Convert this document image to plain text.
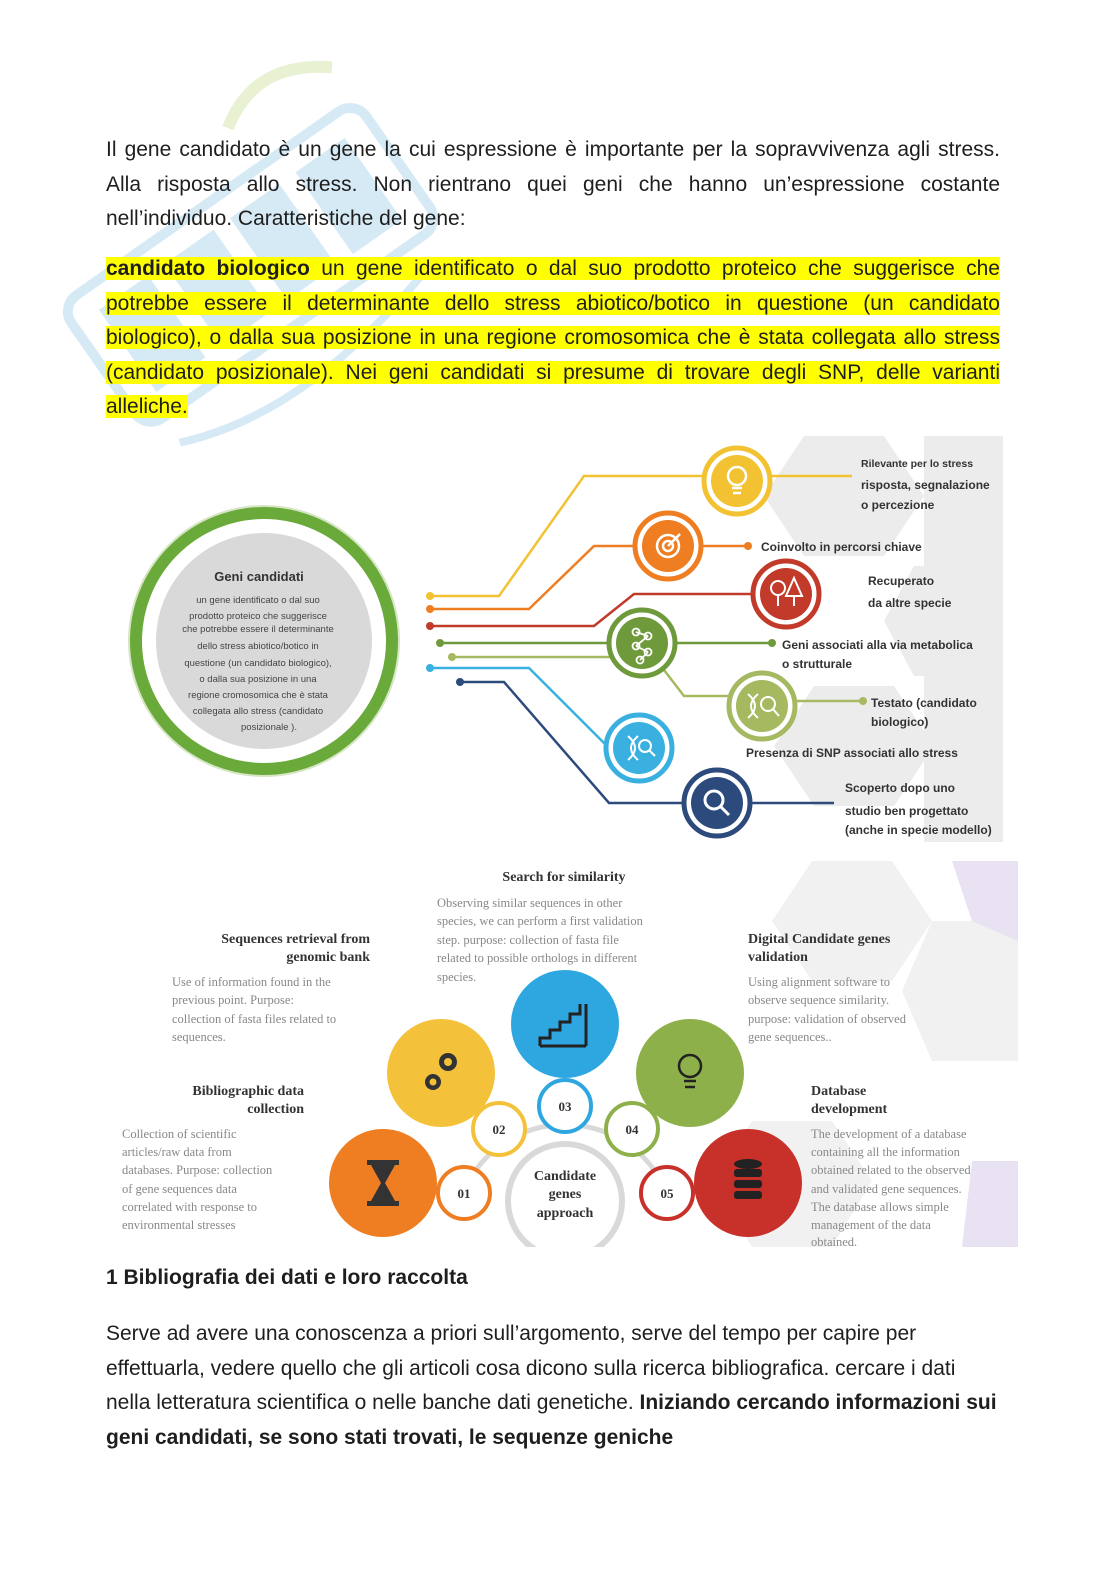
Il gene candidato è un gene la cui espressione è importante per la sopravvivenza agli stress. Alla risposta allo stress. Non rientrano quei geni che hanno un’espressione costante nell’individuo. Caratteristiche del gene:
candidato biologico un gene identificato o dal suo prodotto proteico che suggerisce che potrebbe essere il determinante dello stress abiotico/botico in questione (un candidato biologico), o dalla sua posizione in una regione cromosomica che è stata collegata allo stress (candidato posizionale). Nei geni candidati si presume di trovare degli SNP, delle varianti alleliche.
Geni candidati
un gene identificato o dal suo
prodotto proteico che suggerisce
che potrebbe essere il determinante
dello stress abiotico/botico in
questione (un candidato biologico),
o dalla sua posizione in una
regione cromosomica che è stata
collegata allo stress (candidato
posizionale ).
Rilevante per lo stress
risposta, segnalazione
o percezione
Coinvolto in percorsi chiave
Recuperato
da altre specie
Geni associati alla via metabolica
o strutturale
Testato (candidato
biologico)
Presenza di SNP associati allo stress
Scoperto dopo uno
studio ben progettato
(anche in specie modello)
Candidate
genes
approach
01
Bibliographic data
collection
Collection of scientific
articles/raw data from
databases. Purpose: collection
of gene sequences data
correlated with response to
environmental stresses
02
Sequences retrieval from
genomic bank
Use of information found in the
previous point. Purpose:
collection of fasta files related to
sequences.
03
Search for similarity
Observing similar sequences in other
species, we can perform a first validation
step. purpose: collection of fasta file
related to possible orthologs in different
species.
04
Digital Candidate genes
validation
Using alignment software to
observe sequence similarity.
purpose: validation of observed
gene sequences..
05
Database
development
The development of a database
containing all the information
obtained related to the observed
and validated gene sequences.
The database allows simple
management of the data
obtained.
1 Bibliografia dei dati e loro raccolta
Serve ad avere una conoscenza a priori sull’argomento, serve del tempo per capire per effettuarla, vedere quello che gli articoli cosa dicono sulla ricerca bibliografica. cercare i dati nella letteratura scientifica o nelle banche dati genetiche. Iniziando cercando informazioni sui geni candidati, se sono stati trovati, le sequenze geniche
